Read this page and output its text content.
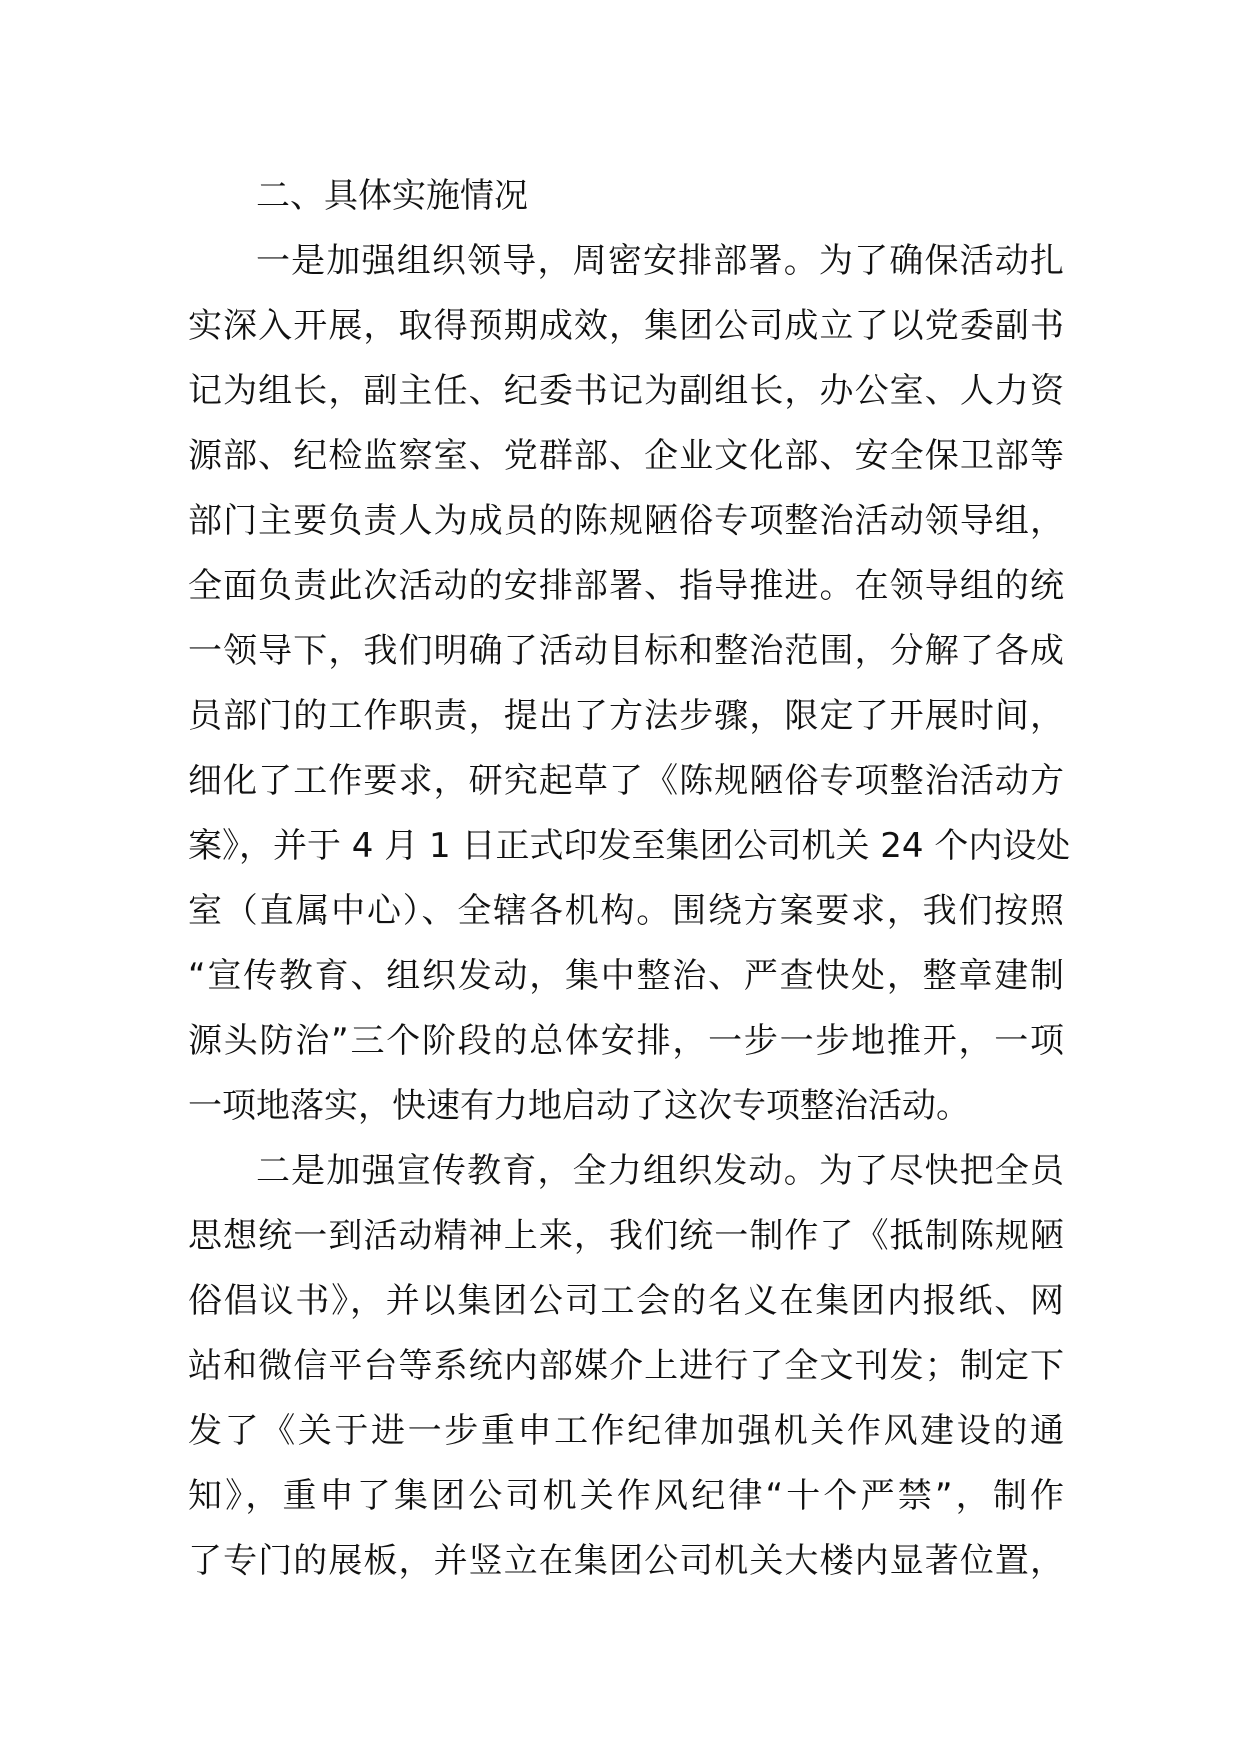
二、具体实施情况
一是加强组织领导，周密安排部署。为了确保活动扎
实深入开展，取得预期成效，集团公司成立了以党委副书
记为组长，副主任、纪委书记为副组长，办公室、人力资
源部、纪检监察室、党群部、企业文化部、安全保卫部等
部门主要负责人为成员的陈规陋俗专项整治活动领导组，
全面负责此次活动的安排部署、指导推进。在领导组的统
一领导下，我们明确了活动目标和整治范围，分解了各成
员部门的工作职责，提出了方法步骤，限定了开展时间，
细化了工作要求，研究起草了《陈规陋俗专项整治活动方
案》，并于 4 月 1 日正式印发至集团公司机关 24 个内设处
室（直属中心）、全辖各机构。围绕方案要求，我们按照
“宣传教育、组织发动，集中整治、严查快处，整章建制
源头防治”三个阶段的总体安排，一步一步地推开，一项
一项地落实，快速有力地启动了这次专项整治活动。
二是加强宣传教育，全力组织发动。为了尽快把全员
思想统一到活动精神上来，我们统一制作了《抵制陈规陋
俗倡议书》，并以集团公司工会的名义在集团内报纸、网
站和微信平台等系统内部媒介上进行了全文刊发；制定下
发了《关于进一步重申工作纪律加强机关作风建设的通
知》，重申了集团公司机关作风纪律“十个严禁”，制作
了专门的展板，并竖立在集团公司机关大楼内显著位置，
